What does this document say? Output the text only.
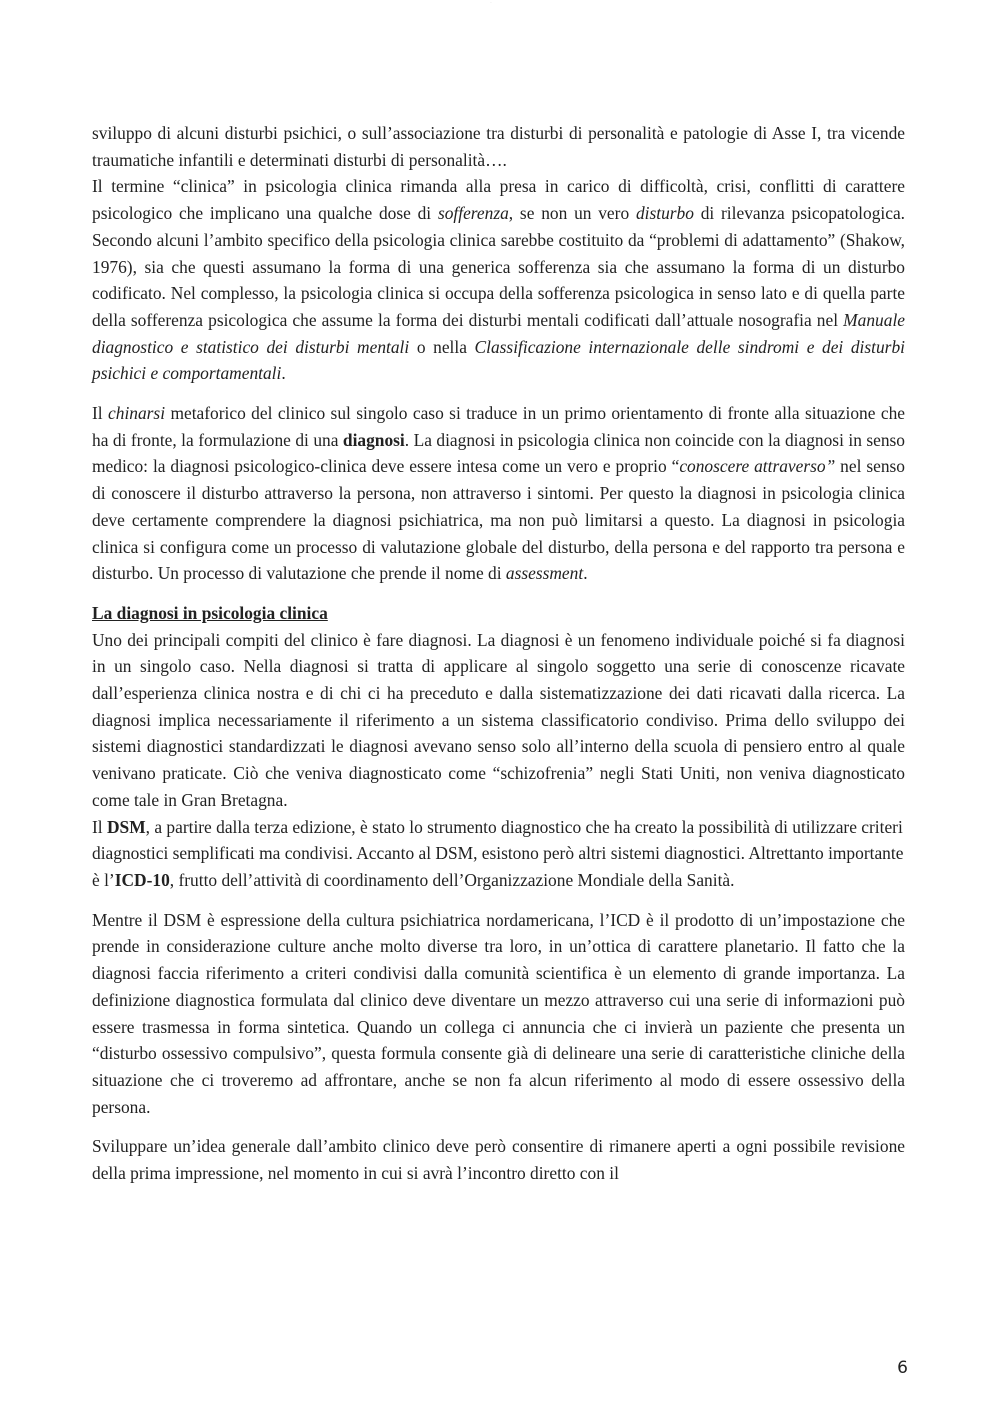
···

sviluppo di alcuni disturbi psichici, o sull’associazione tra disturbi di personalità e patologie di Asse I, tra vicende traumatiche infantili e determinati disturbi di personalità….

Il termine “clinica” in psicologia clinica rimanda alla presa in carico di difficoltà, crisi, conflitti di carattere psicologico che implicano una qualche dose di sofferenza, se non un vero disturbo di rilevanza psicopatologica. Secondo alcuni l’ambito specifico della psicologia clinica sarebbe costituito da “problemi di adattamento” (Shakow, 1976), sia che questi assumano la forma di una generica sofferenza sia che assumano la forma di un disturbo codificato. Nel complesso, la psicologia clinica si occupa della sofferenza psicologica in senso lato e di quella parte della sofferenza psicologica che assume la forma dei disturbi mentali codificati dall’attuale nosografia nel Manuale diagnostico e statistico dei disturbi mentali o nella Classificazione internazionale delle sindromi e dei disturbi psichici e comportamentali.

Il chinarsi metaforico del clinico sul singolo caso si traduce in un primo orientamento di fronte alla situazione che ha di fronte, la formulazione di una diagnosi. La diagnosi in psicologia clinica non coincide con la diagnosi in senso medico: la diagnosi psicologico-clinica deve essere intesa come un vero e proprio “conoscere attraverso” nel senso di conoscere il disturbo attraverso la persona, non attraverso i sintomi. Per questo la diagnosi in psicologia clinica deve certamente comprendere la diagnosi psichiatrica, ma non può limitarsi a questo. La diagnosi in psicologia clinica si configura come un processo di valutazione globale del disturbo, della persona e del rapporto tra persona e disturbo. Un processo di valutazione che prende il nome di assessment.

La diagnosi in psicologia clinica

Uno dei principali compiti del clinico è fare diagnosi. La diagnosi è un fenomeno individuale poiché si fa diagnosi in un singolo caso. Nella diagnosi si tratta di applicare al singolo soggetto una serie di conoscenze ricavate dall’esperienza clinica nostra e di chi ci ha preceduto e dalla sistematizzazione dei dati ricavati dalla ricerca. La diagnosi implica necessariamente il riferimento a un sistema classificatorio condiviso. Prima dello sviluppo dei sistemi diagnostici standardizzati le diagnosi avevano senso solo all’interno della scuola di pensiero entro al quale venivano praticate. Ciò che veniva diagnosticato come “schizofrenia” negli Stati Uniti, non veniva diagnosticato come tale in Gran Bretagna.

Il DSM, a partire dalla terza edizione, è stato lo strumento diagnostico che ha creato la possibilità di utilizzare criteri diagnostici semplificati ma condivisi. Accanto al DSM, esistono però altri sistemi diagnostici. Altrettanto importante è l’ICD-10, frutto dell’attività di coordinamento dell’Organizzazione Mondiale della Sanità.

Mentre il DSM è espressione della cultura psichiatrica nordamericana, l’ICD è il prodotto di un’impostazione che prende in considerazione culture anche molto diverse tra loro, in un’ottica di carattere planetario. Il fatto che la diagnosi faccia riferimento a criteri condivisi dalla comunità scientifica è un elemento di grande importanza. La definizione diagnostica formulata dal clinico deve diventare un mezzo attraverso cui una serie di informazioni può essere trasmessa in forma sintetica. Quando un collega ci annuncia che ci invierà un paziente che presenta un “disturbo ossessivo compulsivo”, questa formula consente già di delineare una serie di caratteristiche cliniche della situazione che ci troveremo ad affrontare, anche se non fa alcun riferimento al modo di essere ossessivo della persona.

Sviluppare un’idea generale dall’ambito clinico deve però consentire di rimanere aperti a ogni possibile revisione della prima impressione, nel momento in cui si avrà l’incontro diretto con il

6
